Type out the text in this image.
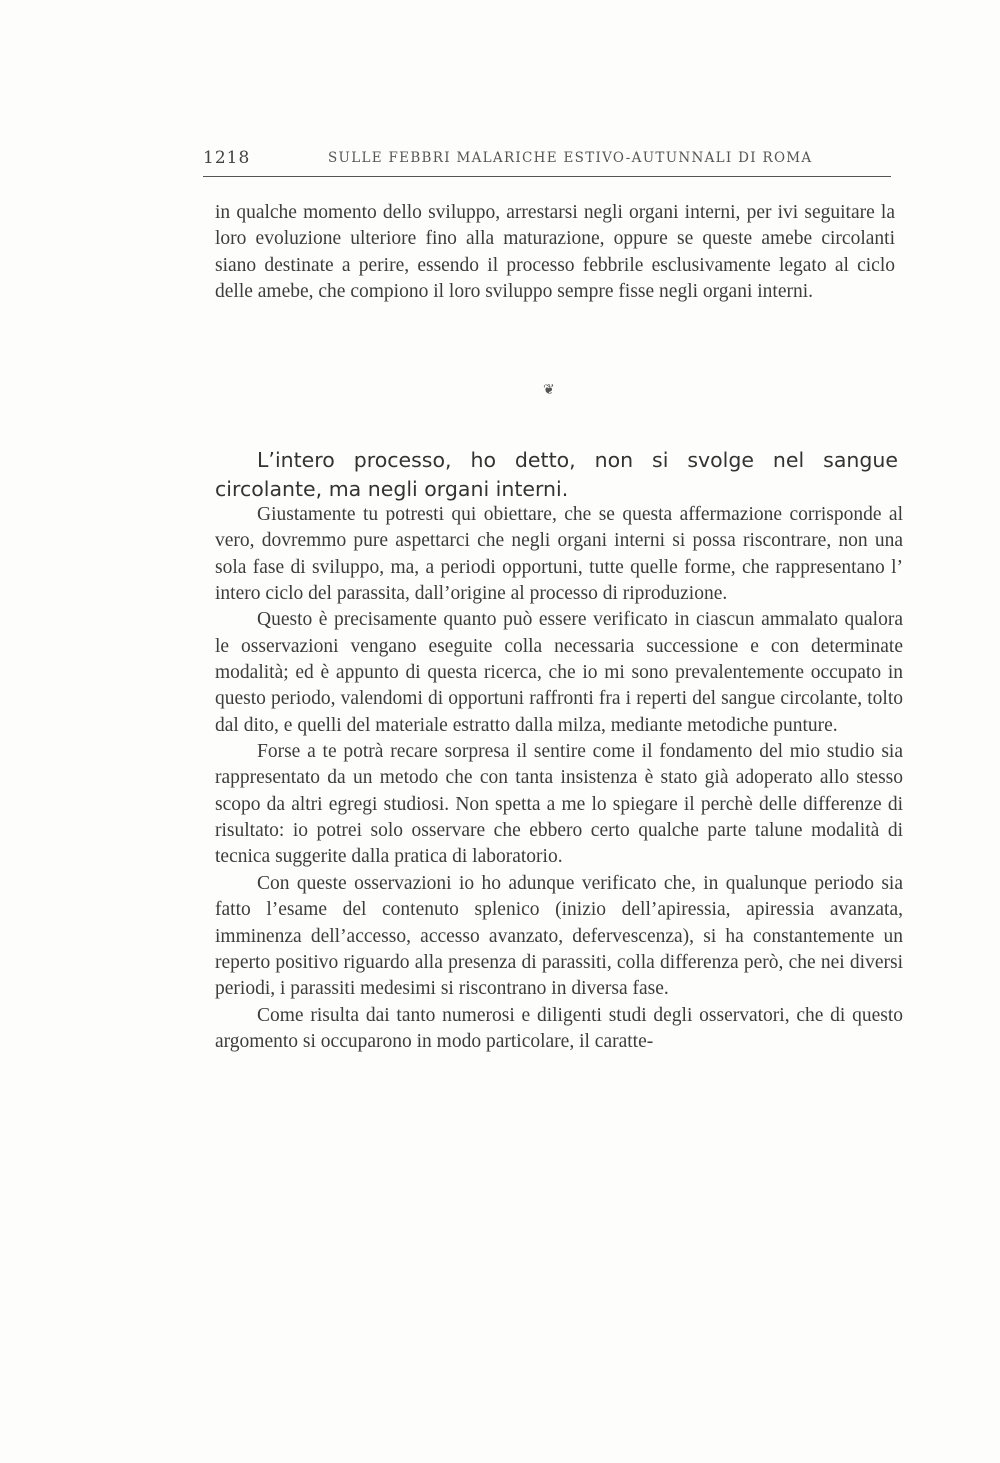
1218	SULLE FEBBRI MALARICHE ESTIVO-AUTUNNALI DI ROMA

in qualche momento dello sviluppo, arrestarsi negli organi interni, per ivi seguitare la loro evoluzione ulteriore fino alla maturazione, oppure se queste amebe circolanti siano destinate a perire, essendo il processo febbrile esclusivamente legato al ciclo delle amebe, che compiono il loro sviluppo sempre fisse negli organi interni.

❦

L’intero processo, ho detto, non si svolge nel sangue circolante, ma negli organi interni.

Giustamente tu potresti qui obiettare, che se questa affermazione corrisponde al vero, dovremmo pure aspettarci che negli organi interni si possa riscontrare, non una sola fase di sviluppo, ma, a periodi opportuni, tutte quelle forme, che rappresentano l’ intero ciclo del parassita, dall’origine al processo di riproduzione.

Questo è precisamente quanto può essere verificato in ciascun ammalato qualora le osservazioni vengano eseguite colla necessaria successione e con determinate modalità; ed è appunto di questa ricerca, che io mi sono prevalentemente occupato in questo periodo, valendomi di opportuni raffronti fra i reperti del sangue circolante, tolto dal dito, e quelli del materiale estratto dalla milza, mediante metodiche punture.

Forse a te potrà recare sorpresa il sentire come il fondamento del mio studio sia rappresentato da un metodo che con tanta insistenza è stato già adoperato allo stesso scopo da altri egregi studiosi. Non spetta a me lo spiegare il perchè delle differenze di risultato: io potrei solo osservare che ebbero certo qualche parte talune modalità di tecnica suggerite dalla pratica di laboratorio.

Con queste osservazioni io ho adunque verificato che, in qualunque periodo sia fatto l’esame del contenuto splenico (inizio dell’apiressia, apiressia avanzata, imminenza dell’accesso, accesso avanzato, defervescenza), si ha constantemente un reperto positivo riguardo alla presenza di parassiti, colla differenza però, che nei diversi periodi, i parassiti medesimi si riscontrano in diversa fase.

Come risulta dai tanto numerosi e diligenti studi degli osservatori, che di questo argomento si occuparono in modo particolare, il caratte-
